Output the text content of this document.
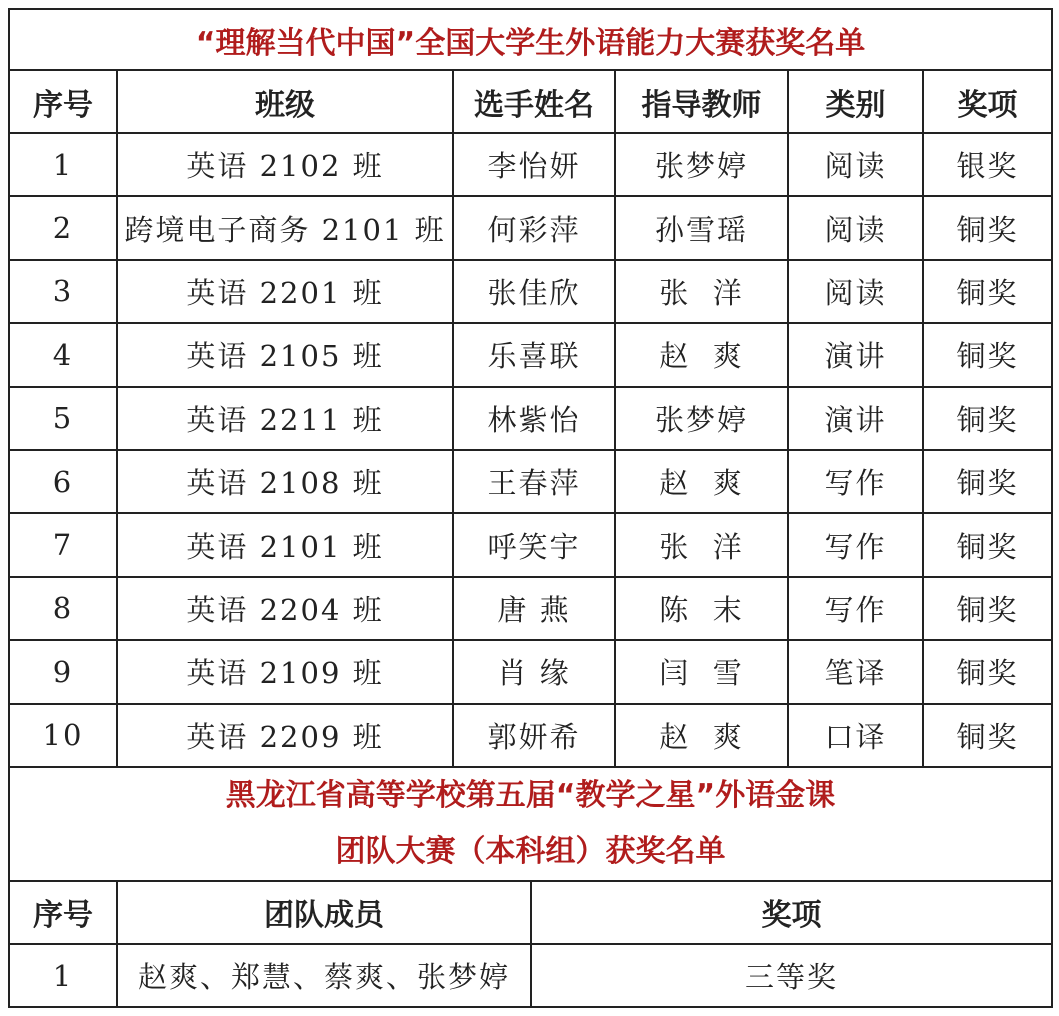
“理解当代中国”全国大学生外语能力大赛获奖名单
序号	班级	选手姓名	指导教师	类别	奖项
1	英语 2102 班	李怡妍	张梦婷	阅读	银奖
2	跨境电子商务 2101 班	何彩萍	孙雪瑶	阅读	铜奖
3	英语 2201 班	张佳欣	张  洋	阅读	铜奖
4	英语 2105 班	乐喜联	赵  爽	演讲	铜奖
5	英语 2211 班	林紫怡	张梦婷	演讲	铜奖
6	英语 2108 班	王春萍	赵  爽	写作	铜奖
7	英语 2101 班	呼笑宇	张  洋	写作	铜奖
8	英语 2204 班	唐 燕	陈  末	写作	铜奖
9	英语 2109 班	肖 缘	闫  雪	笔译	铜奖
10	英语 2209 班	郭妍希	赵  爽	口译	铜奖
黑龙江省高等学校第五届“教学之星”外语金课
团队大赛（本科组）获奖名单
序号	团队成员	奖项
1	赵爽、郑慧、蔡爽、张梦婷	三等奖
